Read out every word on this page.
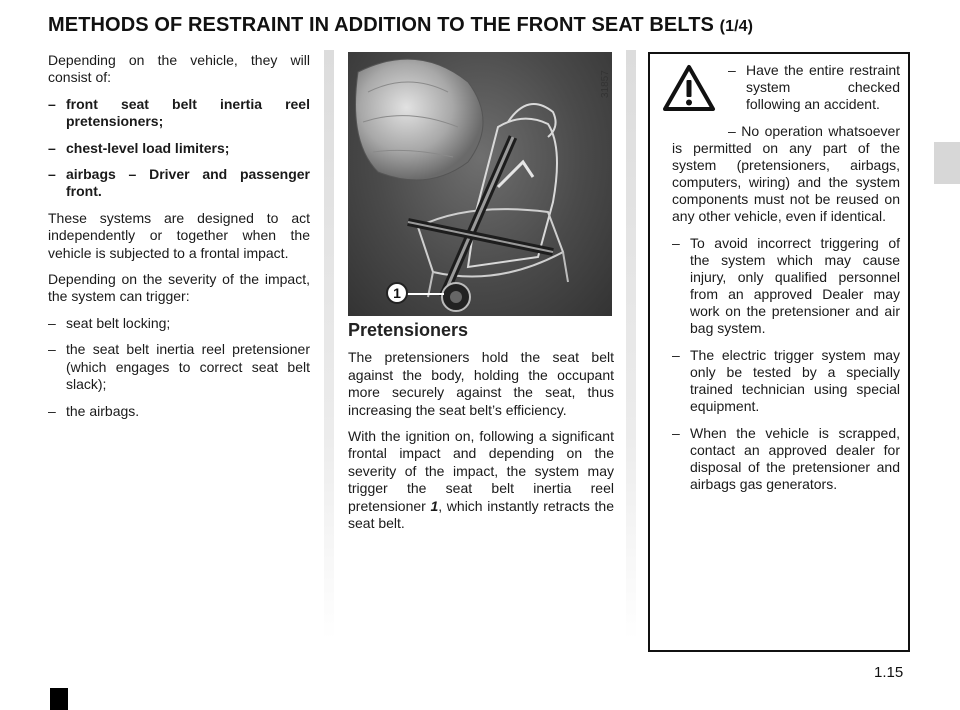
METHODS OF RESTRAINT IN ADDITION TO THE FRONT SEAT BELTS (1/4)

Depending on the vehicle, they will consist of:

– front seat belt inertia reel pretensioners;
– chest-level load limiters;
– airbags – Driver and passenger front.

These systems are designed to act independently or together when the vehicle is subjected to a frontal impact.

Depending on the severity of the impact, the system can trigger:

– seat belt locking;
– the seat belt inertia reel pretensioner (which engages to correct seat belt slack);
– the airbags.
1
31857
Pretensioners

The pretensioners hold the seat belt against the body, holding the occupant more securely against the seat, thus increasing the seat belt’s efficiency.

With the ignition on, following a significant frontal impact and depending on the severity of the impact, the system may trigger the seat belt inertia reel pretensioner 1, which instantly retracts the seat belt.

– Have the entire restraint system checked following an accident.
– No operation whatsoever is permitted on any part of the system (pretensioners, airbags, computers, wiring) and the system components must not be reused on any other vehicle, even if identical.
– To avoid incorrect triggering of the system which may cause injury, only qualified personnel from an approved Dealer may work on the pretensioner and air bag system.
– The electric trigger system may only be tested by a specially trained technician using special equipment.
– When the vehicle is scrapped, contact an approved dealer for disposal of the pretensioner and airbags gas generators.
1.15
